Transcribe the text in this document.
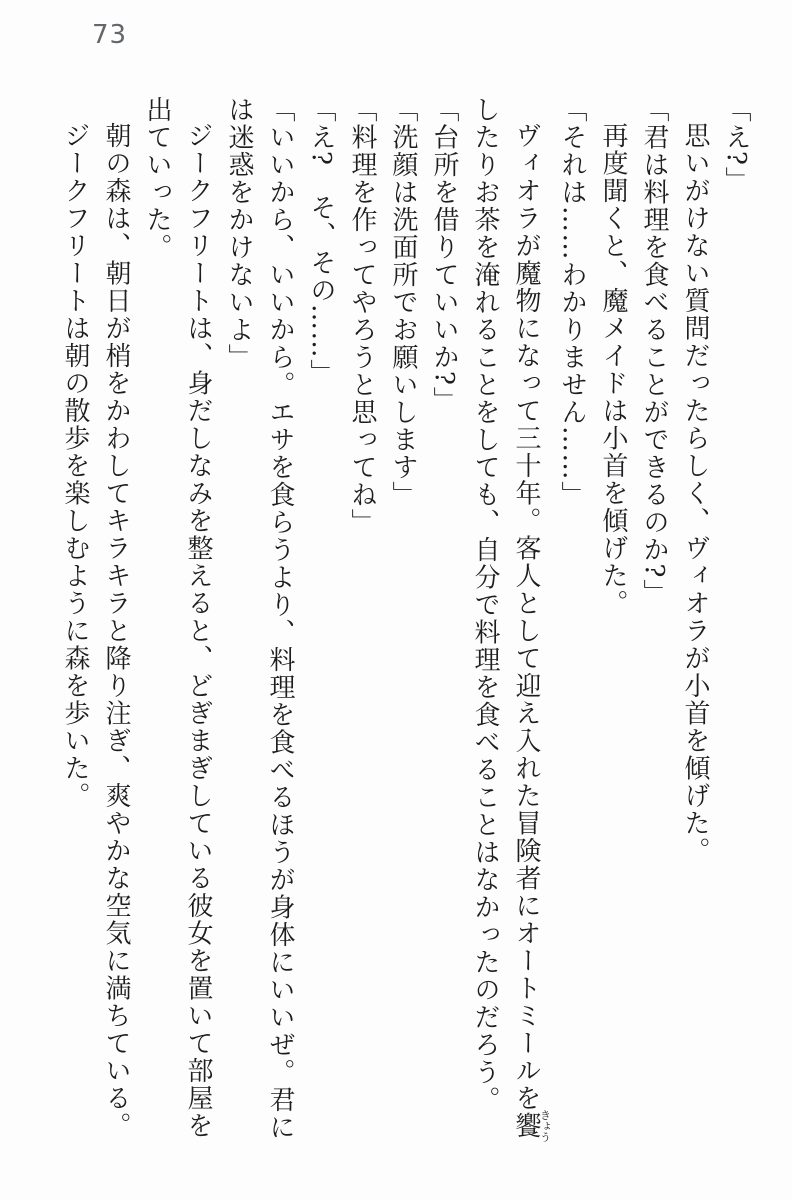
73
「え?」
思いがけない質問だったらしく、ヴィオラが小首を傾げた。
「君は料理を食べることができるのか?」
再度聞くと、魔メイドは小首を傾げた。
「それは……わかりません……」
ヴィオラが魔物になって三十年。客人として迎え入れた冒険者にオートミールを饗きょう
したりお茶を淹れることをしても、自分で料理を食べることはなかったのだろう。
「台所を借りていいか?」
「洗顔は洗面所でお願いします」
「料理を作ってやろうと思ってね」
「え?　そ、その……」
「いいから、いいから。エサを食らうより、料理を食べるほうが身体にいいぜ。君に
は迷惑をかけないよ」
ジークフリートは、身だしなみを整えると、どぎまぎしている彼女を置いて部屋を
出ていった。
朝の森は、朝日が梢をかわしてキラキラと降り注ぎ、爽やかな空気に満ちている。
ジークフリートは朝の散歩を楽しむように森を歩いた。
